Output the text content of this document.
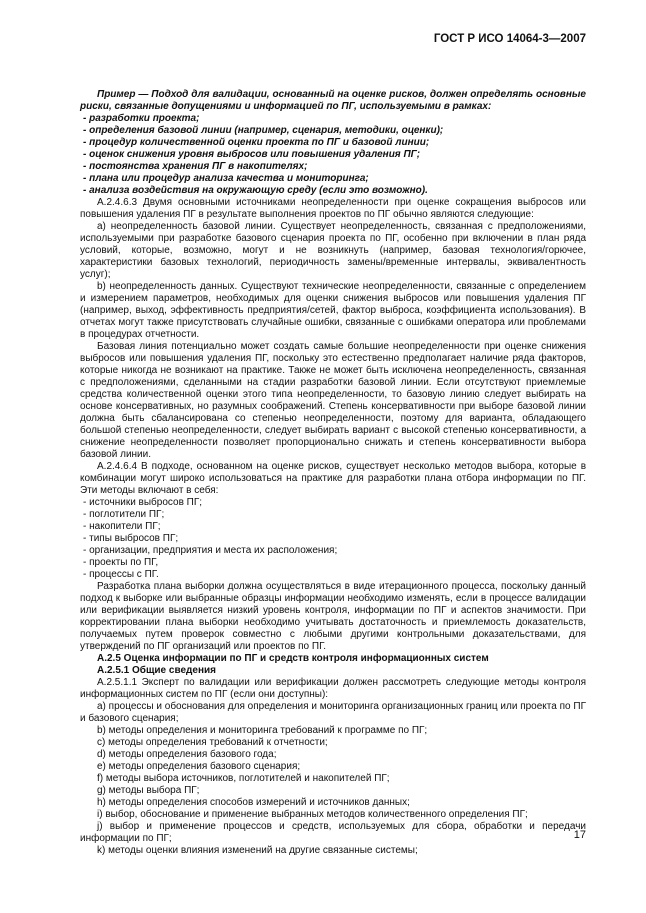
ГОСТ Р ИСО 14064-3—2007

Пример — Подход для валидации, основанный на оценке рисков, должен определять основные риски, связанные допущениями и информацией по ПГ, используемыми в рамках:

- разработки проекта;

- определения базовой линии (например, сценария, методики, оценки);

- процедур количественной оценки проекта по ПГ и базовой линии;

- оценок снижения уровня выбросов или повышения удаления ПГ;

- постоянства хранения ПГ в накопителях;

- плана или процедур анализа качества и мониторинга;

- анализа воздействия на окружающую среду (если это возможно).

А.2.4.6.3 Двумя основными источниками неопределенности при оценке сокращения выбросов или повышения удаления ПГ в результате выполнения проектов по ПГ обычно являются следующие:

а) неопределенность базовой линии. Существует неопределенность, связанная с предположениями, используемыми при разработке базового сценария проекта по ПГ, особенно при включении в план ряда условий, которые, возможно, могут и не возникнуть (например, базовая технология/горючее, характеристики базовых технологий, периодичность замены/временные интервалы, эквивалентность услуг);

b) неопределенность данных. Существуют технические неопределенности, связанные с определением и измерением параметров, необходимых для оценки снижения выбросов или повышения удаления ПГ (например, выход, эффективность предприятия/сетей, фактор выброса, коэффициента использования). В отчетах могут также присутствовать случайные ошибки, связанные с ошибками оператора или проблемами в процедурах отчетности.

Базовая линия потенциально может создать самые большие неопределенности при оценке снижения выбросов или повышения удаления ПГ, поскольку это естественно предполагает наличие ряда факторов, которые никогда не возникают на практике. Также не может быть исключена неопределенность, связанная с предположениями, сделанными на стадии разработки базовой линии. Если отсутствуют приемлемые средства количественной оценки этого типа неопределенности, то базовую линию следует выбирать на основе консервативных, но разумных соображений. Степень консервативности при выборе базовой линии должна быть сбалансирована со степенью неопределенности, поэтому для варианта, обладающего большой степенью неопределенности, следует выбирать вариант с высокой степенью консервативности, а снижение неопределенности позволяет пропорционально снижать и степень консервативности выбора базовой линии.

А.2.4.6.4 В подходе, основанном на оценке рисков, существует несколько методов выбора, которые в комбинации могут широко использоваться на практике для разработки плана отбора информации по ПГ. Эти методы включают в себя:

- источники выбросов ПГ;

- поглотители ПГ;

- накопители ПГ;

- типы выбросов ПГ;

- организации, предприятия и места их расположения;

- проекты по ПГ,

- процессы с ПГ.

Разработка плана выборки должна осуществляться в виде итерационного процесса, поскольку данный подход к выборке или выбранные образцы информации необходимо изменять, если в процессе валидации или верификации выявляется низкий уровень контроля, информации по ПГ и аспектов значимости. При корректировании плана выборки необходимо учитывать достаточность и приемлемость доказательств, получаемых путем проверок совместно с любыми другими контрольными доказательствами, для утверждений по ПГ организаций или проектов по ПГ.

А.2.5 Оценка информации по ПГ и средств контроля информационных систем

А.2.5.1 Общие сведения

А.2.5.1.1 Эксперт по валидации или верификации должен рассмотреть следующие методы контроля информационных систем по ПГ (если они доступны):

а) процессы и обоснования для определения и мониторинга организационных границ или проекта по ПГ и базового сценария;

b) методы определения и мониторинга требований к программе по ПГ;

c) методы определения требований к отчетности;

d) методы определения базового года;

e) методы определения базового сценария;

f) методы выбора источников, поглотителей и накопителей ПГ;

g) методы выбора ПГ;

h) методы определения способов измерений и источников данных;

i) выбор, обоснование и применение выбранных методов количественного определения ПГ;

j) выбор и применение процессов и средств, используемых для сбора, обработки и передачи информации по ПГ;

k) методы оценки влияния изменений на другие связанные системы;

17
